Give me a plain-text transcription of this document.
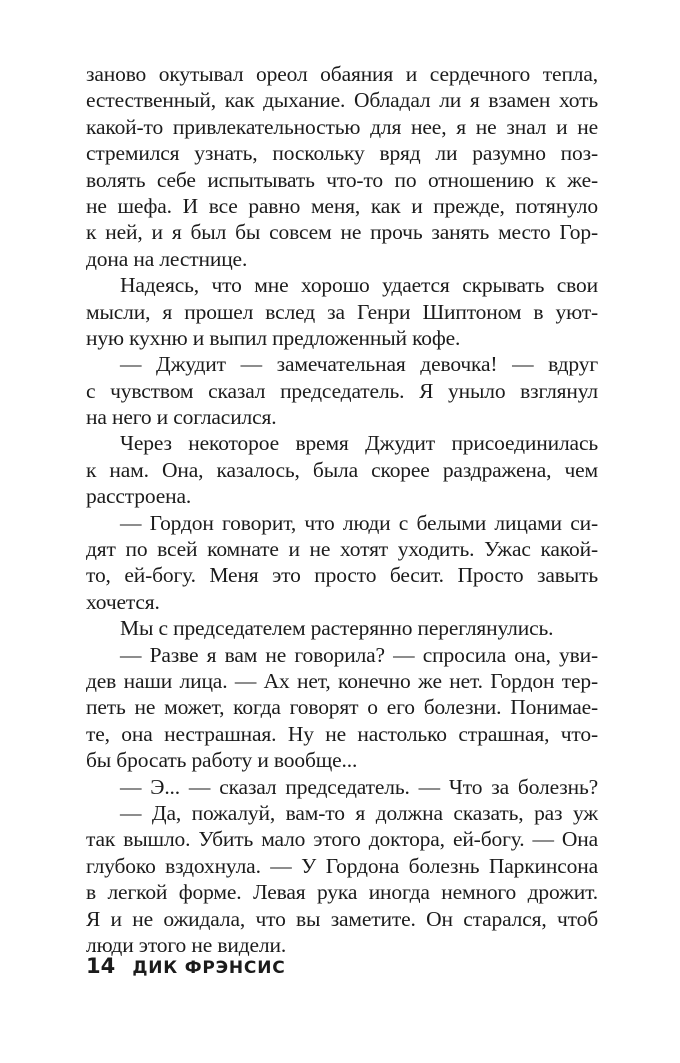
заново окутывал ореол обаяния и сердечного тепла,
естественный, как дыхание. Обладал ли я взамен хоть
какой-то привлекательностью для нее, я не знал и не
стремился узнать, поскольку вряд ли разумно поз-
волять себе испытывать что-то по отношению к же-
не шефа. И все равно меня, как и прежде, потянуло
к ней, и я был бы совсем не прочь занять место Гор-
дона на лестнице.
Надеясь, что мне хорошо удается скрывать свои
мысли, я прошел вслед за Генри Шиптоном в уют-
ную кухню и выпил предложенный кофе.
— Джудит — замечательная девочка! — вдруг
с чувством сказал председатель. Я уныло взглянул
на него и согласился.
Через некоторое время Джудит присоединилась
к нам. Она, казалось, была скорее раздражена, чем
расстроена.
— Гордон говорит, что люди с белыми лицами си-
дят по всей комнате и не хотят уходить. Ужас какой-
то, ей-богу. Меня это просто бесит. Просто завыть
хочется.
Мы с председателем растерянно переглянулись.
— Разве я вам не говорила? — спросила она, уви-
дев наши лица. — Ах нет, конечно же нет. Гордон тер-
петь не может, когда говорят о его болезни. Понимае-
те, она нестрашная. Ну не настолько страшная, что-
бы бросать работу и вообще...
— Э... — сказал председатель. — Что за болезнь?
— Да, пожалуй, вам-то я должна сказать, раз уж
так вышло. Убить мало этого доктора, ей-богу. — Она
глубоко вздохнула. — У Гордона болезнь Паркинсона
в легкой форме. Левая рука иногда немного дрожит.
Я и не ожидала, что вы заметите. Он старался, чтоб
люди этого не видели.
14 ДИК ФРЭНСИС
